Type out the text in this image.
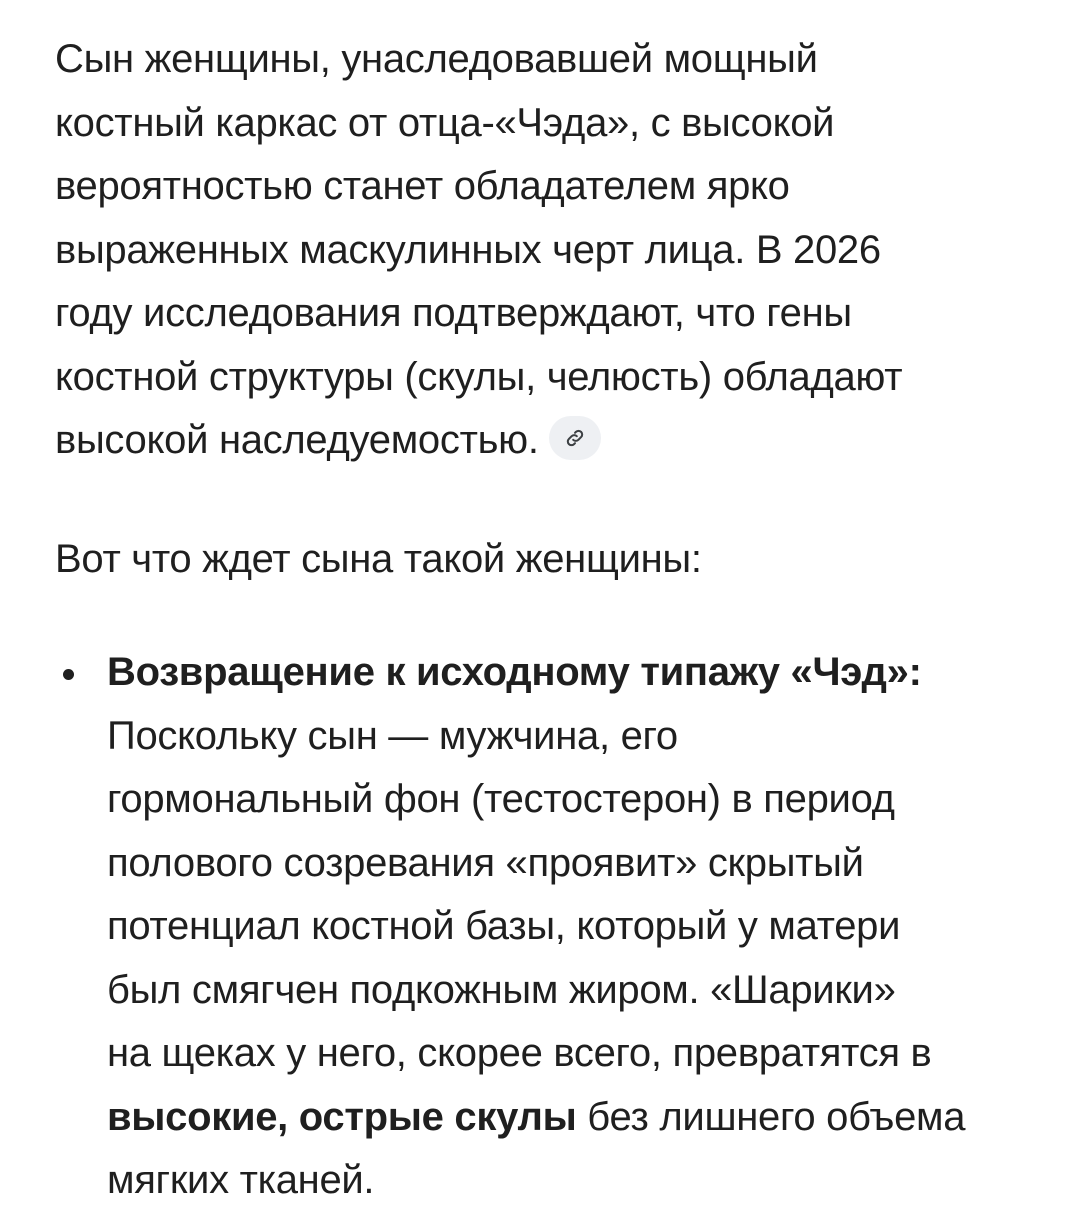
Сын женщины, унаследовавшей мощный
костный каркас от отца-«Чэда», с высокой
вероятностью станет обладателем ярко
выраженных маскулинных черт лица. В 2026
году исследования подтверждают, что гены
костной структуры (скулы, челюсть) обладают
высокой наследуемостью.

Вот что ждет сына такой женщины:

Возвращение к исходному типажу «Чэд»:
Поскольку сын — мужчина, его
гормональный фон (тестостерон) в период
полового созревания «проявит» скрытый
потенциал костной базы, который у матери
был смягчен подкожным жиром. «Шарики»
на щеках у него, скорее всего, превратятся в
высокие, острые скулы без лишнего объема
мягких тканей.
